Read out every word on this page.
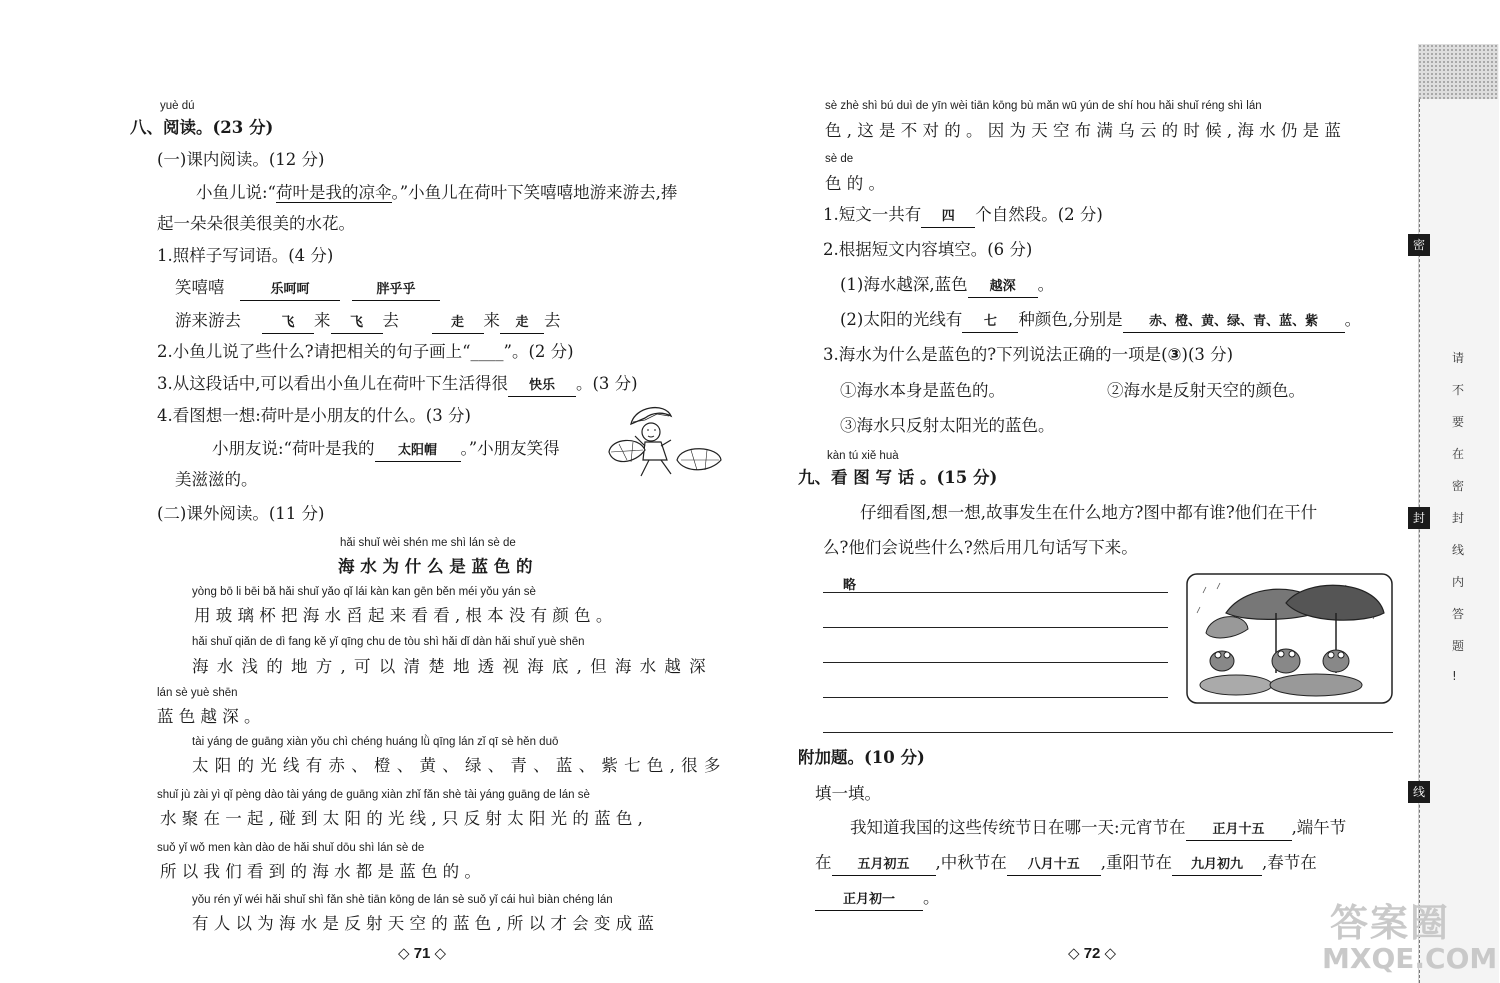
yuè dú
八、阅读。(23 分)
(一)课内阅读。(12 分)
小鱼儿说:“荷叶是我的凉伞。”小鱼儿在荷叶下笑嘻嘻地游来游去,捧
起一朵朵很美很美的水花。
1.照样子写词语。(4 分)
笑嘻嘻	乐呵呵	胖乎乎
游来游去	飞 来 飞 去	走 来 走 去
2.小鱼儿说了些什么?请把相关的句子画上“____”。(2 分)
3.从这段话中,可以看出小鱼儿在荷叶下生活得很 快乐 。(3 分)
4.看图想一想:荷叶是小朋友的什么。(3 分)
小朋友说:“荷叶是我的 太阳帽 。”小朋友笑得
美滋滋的。
(二)课外阅读。(11 分)
hǎi shuǐ wèi shén me shì lán sè de
海 水 为 什 么 是 蓝 色 的
yòng bō li bēi bǎ hǎi shuǐ yǎo qǐ lái kàn kan gēn běn méi yǒu yán sè
用 玻 璃 杯 把 海 水 舀 起 来 看 看 , 根 本 没 有 颜 色 。
hǎi shuǐ qiǎn de dì fang kě yǐ qīng chu de tòu shì hǎi dǐ dàn hǎi shuǐ yuè shēn
海 水 浅 的 地 方 , 可 以 清 楚 地 透 视 海 底 , 但 海 水 越 深
lán sè yuè shēn
蓝 色 越 深 。
tài yáng de guāng xiàn yǒu chì chéng huáng lǜ qīng lán zǐ qī sè hěn duō
太 阳 的 光 线 有 赤 、 橙 、 黄 、 绿 、 青 、 蓝 、 紫 七 色 , 很 多
shuǐ jù zài yì qǐ pèng dào tài yáng de guāng xiàn zhǐ fǎn shè tài yáng guāng de lán sè
水 聚 在 一 起 , 碰 到 太 阳 的 光 线 , 只 反 射 太 阳 光 的 蓝 色 ,
suǒ yǐ wǒ men kàn dào de hǎi shuǐ dōu shì lán sè de
所 以 我 们 看 到 的 海 水 都 是 蓝 色 的 。
yǒu rén yǐ wéi hǎi shuǐ shì fǎn shè tiān kōng de lán sè suǒ yǐ cái huì biàn chéng lán
有 人 以 为 海 水 是 反 射 天 空 的 蓝 色 , 所 以 才 会 变 成 蓝
◇ 71 ◇
sè zhè shì bú duì de yīn wèi tiān kōng bù mǎn wū yún de shí hou hǎi shuǐ réng shì lán
色 , 这 是 不 对 的 。 因 为 天 空 布 满 乌 云 的 时 候 , 海 水 仍 是 蓝
sè de
色 的 。
1.短文一共有 四 个自然段。(2 分)
2.根据短文内容填空。(6 分)
(1)海水越深,蓝色 越深 。
(2)太阳的光线有 七 种颜色,分别是 赤、橙、黄、绿、青、蓝、紫 。
3.海水为什么是蓝色的?下列说法正确的一项是(③)(3 分)
①海水本身是蓝色的。	②海水是反射天空的颜色。
③海水只反射太阳光的蓝色。
kàn tú xiě huà
九、看 图 写 话 。(15 分)
仔细看图,想一想,故事发生在什么地方?图中都有谁?他们在干什
么?他们会说些什么?然后用几句话写下来。
略
附加题。(10 分)
填一填。
我知道我国的这些传统节日在哪一天:元宵节在 正月十五 ,端午节
在 五月初五 ,中秋节在 八月十五 ,重阳节在 九月初九 ,春节在
正月初一 。
◇ 72 ◇
密
封
线
请
不
要
在
密
封
线
内
答
题
!
答案圈
MXQE.COM
